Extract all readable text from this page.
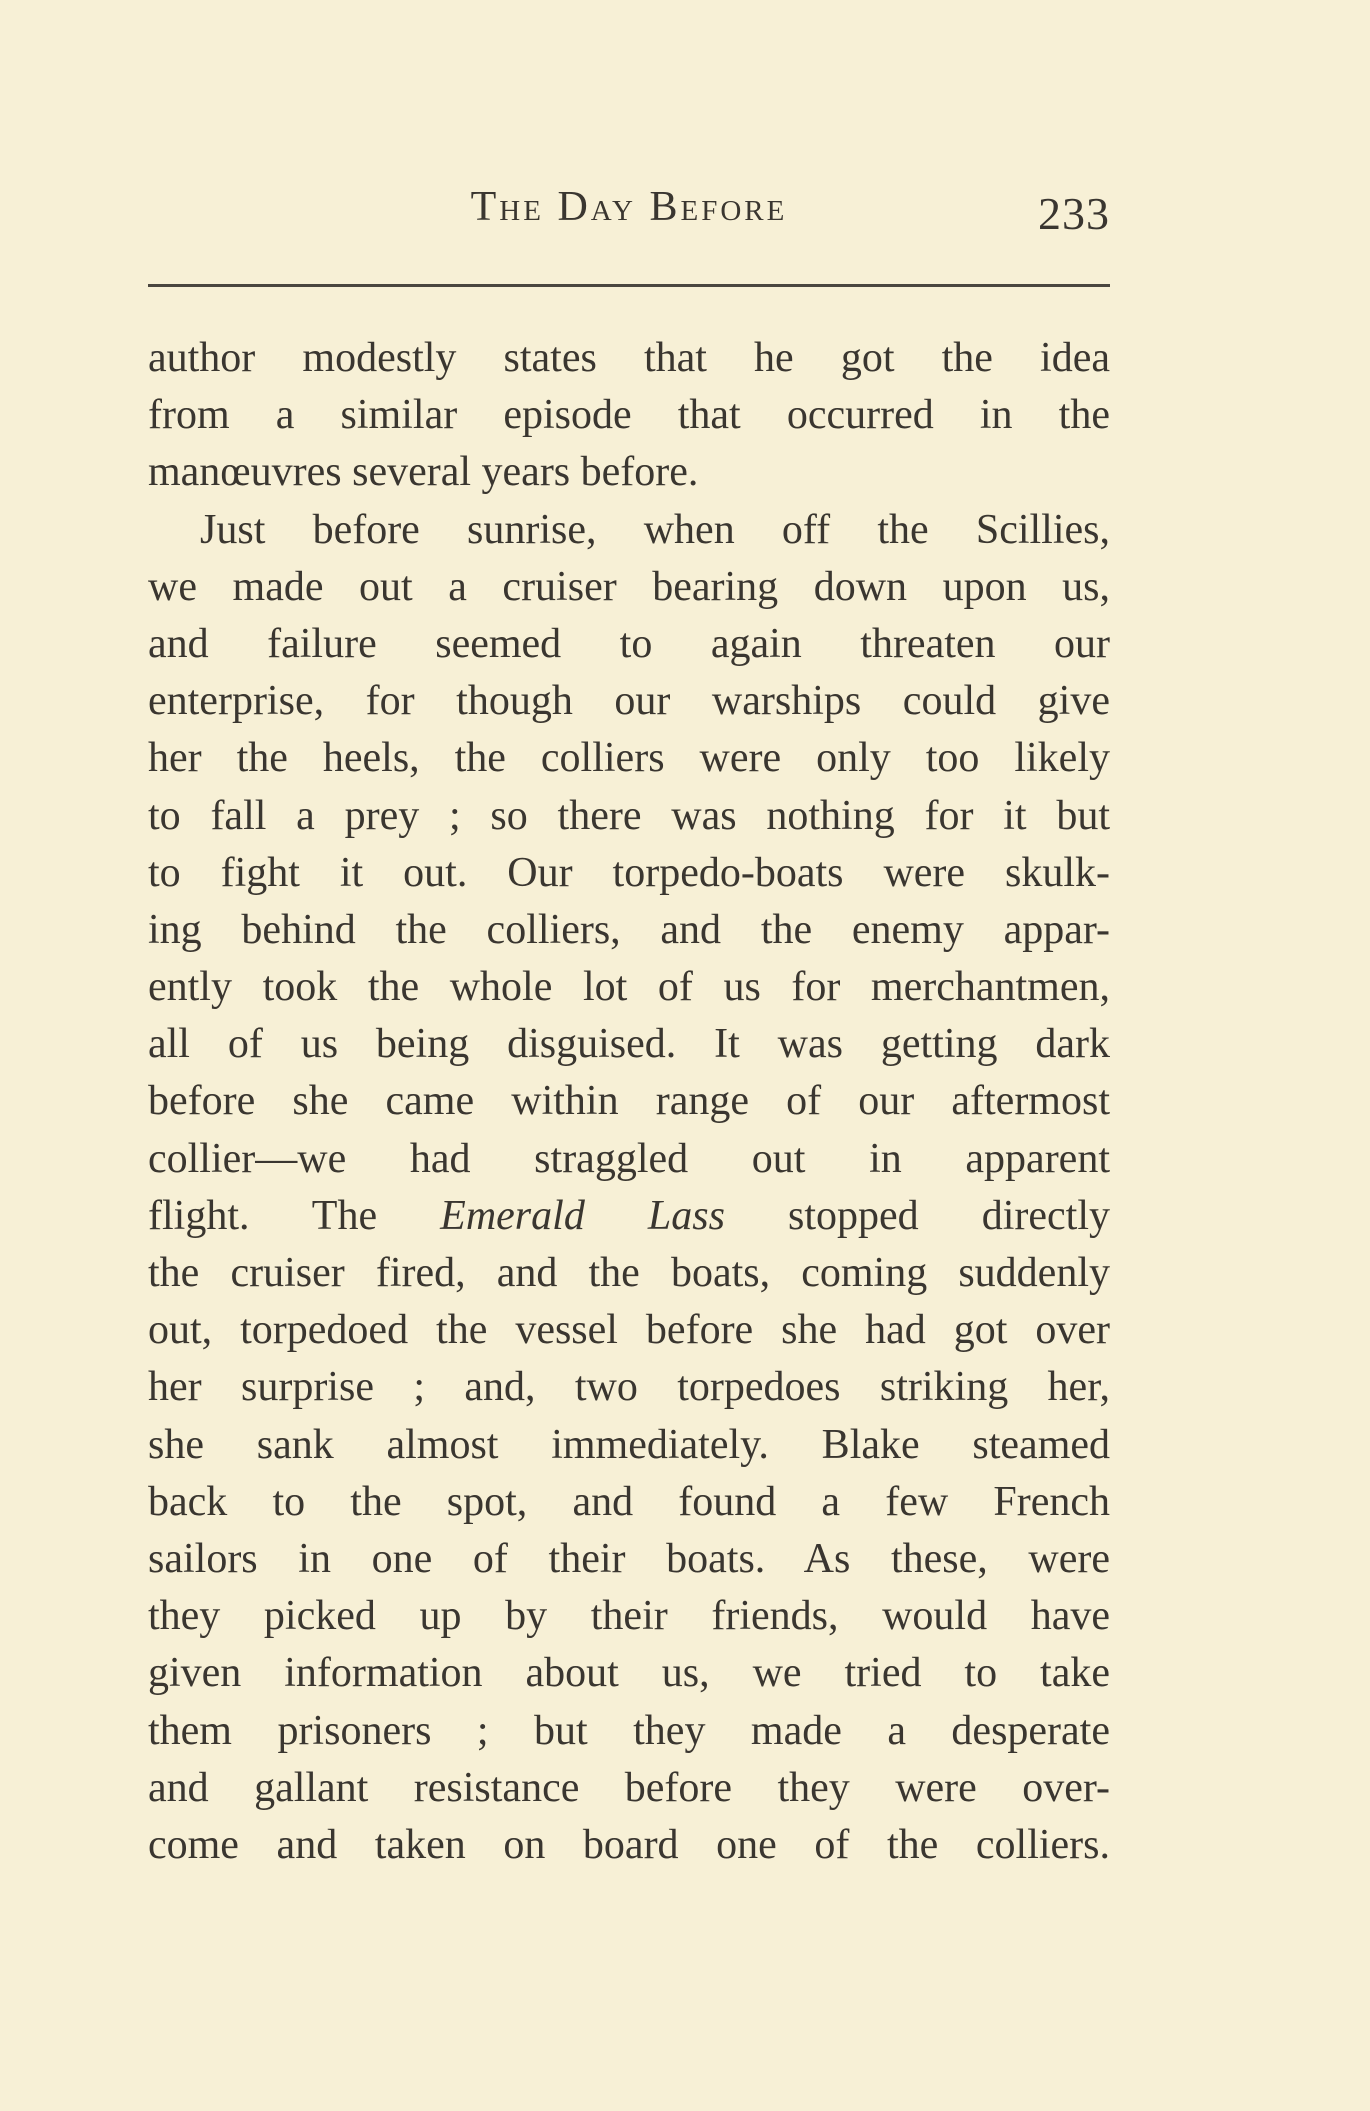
The Day Before	233
author modestly states that he got the idea
from a similar episode that occurred in the
manœuvres several years before.
Just before sunrise, when off the Scillies,
we made out a cruiser bearing down upon us,
and failure seemed to again threaten our
enterprise, for though our warships could give
her the heels, the colliers were only too likely
to fall a prey ; so there was nothing for it but
to fight it out. Our torpedo-boats were skulk-
ing behind the colliers, and the enemy appar-
ently took the whole lot of us for merchantmen,
all of us being disguised. It was getting dark
before she came within range of our aftermost
collier—we had straggled out in apparent
flight. The Emerald Lass stopped directly
the cruiser fired, and the boats, coming suddenly
out, torpedoed the vessel before she had got over
her surprise ; and, two torpedoes striking her,
she sank almost immediately. Blake steamed
back to the spot, and found a few French
sailors in one of their boats. As these, were
they picked up by their friends, would have
given information about us, we tried to take
them prisoners ; but they made a desperate
and gallant resistance before they were over-
come and taken on board one of the colliers.
